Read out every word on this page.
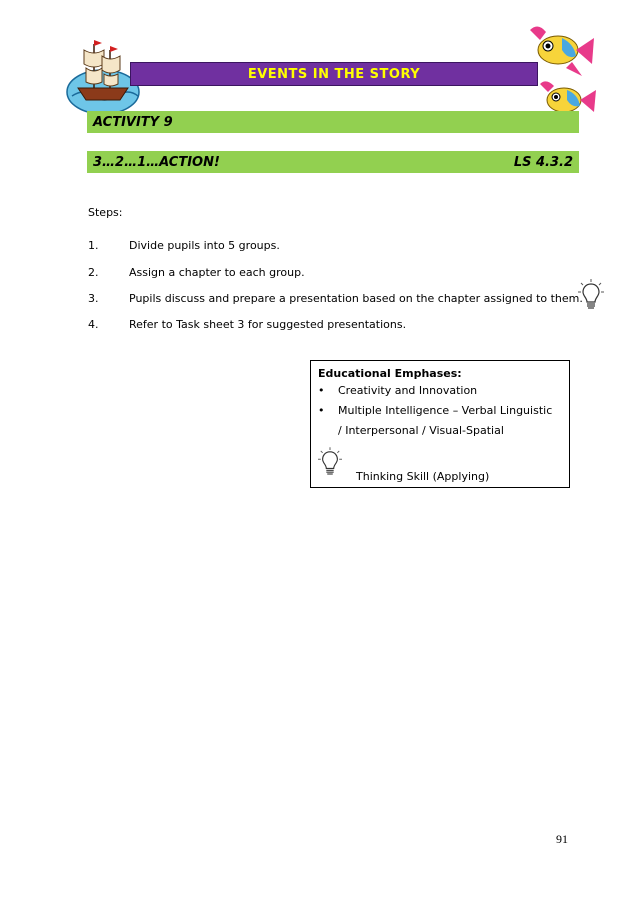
EVENTS IN THE STORY
ACTIVITY 9
3…2…1…ACTION!	LS 4.3.2
Steps:
1.	Divide pupils into 5 groups.
2.	Assign a chapter to each group.
3.	Pupils discuss and prepare a presentation based on the chapter assigned to them.
4.	Refer to Task sheet 3 for suggested presentations.
Educational Emphases:
• Creativity and Innovation
• Multiple Intelligence – Verbal Linguistic
/ Interpersonal / Visual-Spatial
Thinking Skill (Applying)
91
